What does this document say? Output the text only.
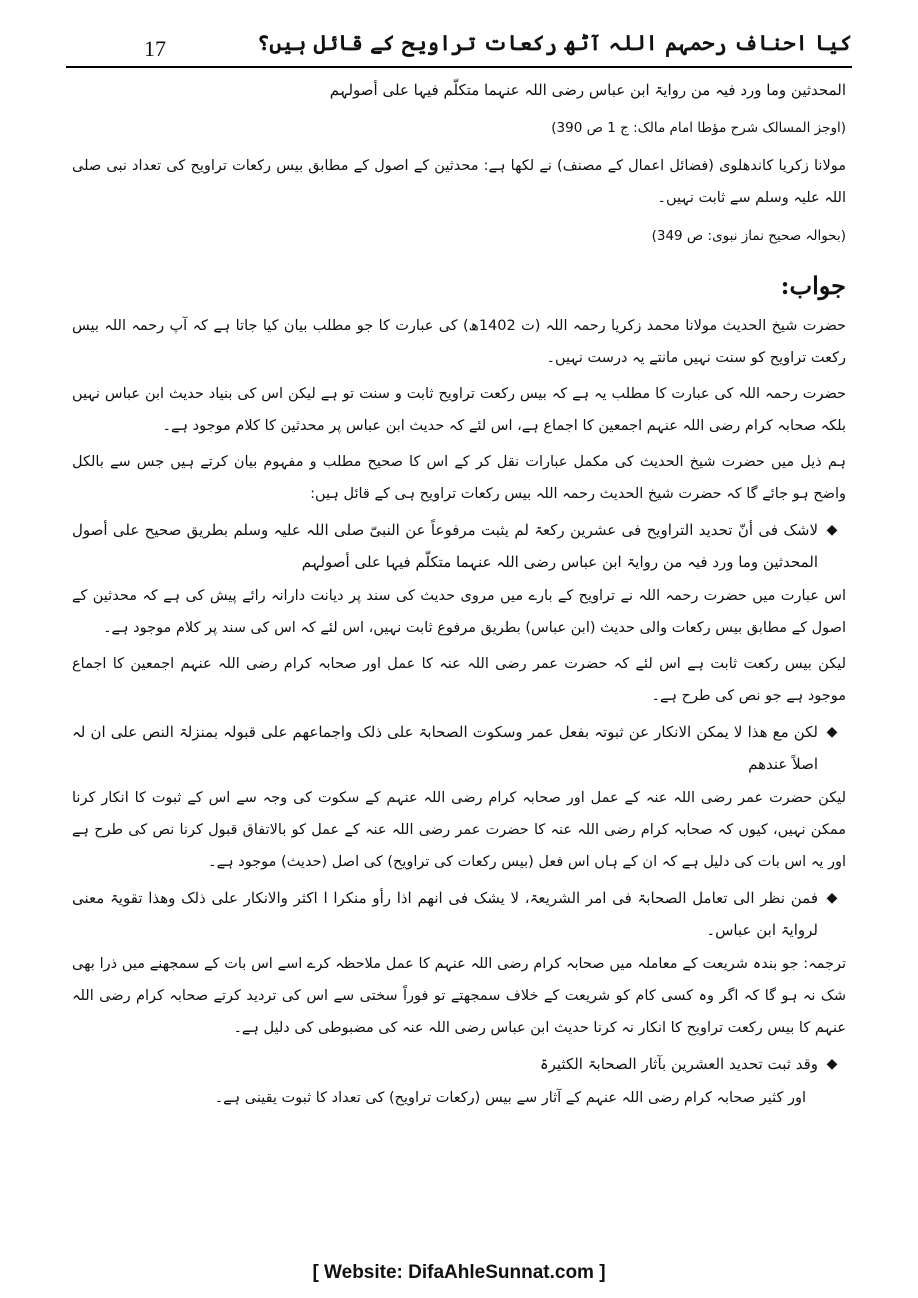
کیا احناف رحمہم اللہ آٹھ رکعات تراویح کے قائل ہیں؟
17

المحدثین وما ورد فیہ من روایۃ ابن عباس رضی اللہ عنہما متکلّم فیہا علی أصولہم

(اوجز المسالک شرح مؤطا امام مالک: ج 1 ص 390)

مولانا زکریا کاندھلوی (فضائل اعمال کے مصنف) نے لکھا ہے: محدثین کے اصول کے مطابق بیس رکعات تراویح کی تعداد نبی صلی اللہ علیہ وسلم سے ثابت نہیں۔

(بحوالہ صحیح نماز نبوی: ص 349)

جواب:

حضرت شیخ الحدیث مولانا محمد زکریا رحمہ اللہ (ت 1402ھ) کی عبارت کا جو مطلب بیان کیا جاتا ہے کہ آپ رحمہ اللہ بیس رکعت تراویح کو سنت نہیں مانتے یہ درست نہیں۔

حضرت رحمہ اللہ کی عبارت کا مطلب یہ ہے کہ بیس رکعت تراویح ثابت و سنت تو ہے لیکن اس کی بنیاد حدیث ابن عباس نہیں بلکہ صحابہ کرام رضی اللہ عنہم اجمعین کا اجماع ہے، اس لئے کہ حدیث ابن عباس پر محدثین کا کلام موجود ہے۔

ہم ذیل میں حضرت شیخ الحدیث کی مکمل عبارات نقل کر کے اس کا صحیح مطلب و مفہوم بیان کرتے ہیں جس سے بالکل واضح ہو جائے گا کہ حضرت شیخ الحدیث رحمہ اللہ بیس رکعات تراویح ہی کے قائل ہیں:

◆
لاشک فی أنّ تحدید التراویح فی عشرین رکعۃ لم یثبت مرفوعاً عن النبیّ صلی اللہ علیہ وسلم بطریق صحیح علی أصول المحدثین وما ورد فیہ من روایۃ ابن عباس رضی اللہ عنہما متکلّم فیہا علی أصولہم

اس عبارت میں حضرت رحمہ اللہ نے تراویح کے بارے میں مروی حدیث کی سند پر دیانت دارانہ رائے پیش کی ہے کہ محدثین کے اصول کے مطابق بیس رکعات والی حدیث (ابن عباس) بطریق مرفوع ثابت نہیں، اس لئے کہ اس کی سند پر کلام موجود ہے۔

لیکن بیس رکعت ثابت ہے اس لئے کہ حضرت عمر رضی اللہ عنہ کا عمل اور صحابہ کرام رضی اللہ عنہم اجمعین کا اجماع موجود ہے جو نص کی طرح ہے۔

◆
لکن مع ھذا لا یمکن الانکار عن ثبوتہ بفعل عمر وسکوت الصحابۃ علی ذلک واجماعھم علی قبولہ بمنزلۃ النص علی ان لہ اصلاً عندھم

لیکن حضرت عمر رضی اللہ عنہ کے عمل اور صحابہ کرام رضی اللہ عنہم کے سکوت کی وجہ سے اس کے ثبوت کا انکار کرنا ممکن نہیں، کیوں کہ صحابہ کرام رضی اللہ عنہ کا حضرت عمر رضی اللہ عنہ کے عمل کو بالاتفاق قبول کرنا نص کی طرح ہے اور یہ اس بات کی دلیل ہے کہ ان کے ہاں اس فعل (بیس رکعات کی تراویح) کی اصل (حدیث) موجود ہے۔

◆
فمن نظر الی تعامل الصحابۃ فی امر الشریعۃ، لا یشک فی انھم اذا رأو منکرا ا اکثر والانکار علی ذلک وھذا تقویۃ معنی لروایۃ ابن عباس۔

ترجمہ: جو بندہ شریعت کے معاملہ میں صحابہ کرام رضی اللہ عنہم کا عمل ملاحظہ کرے اسے اس بات کے سمجھنے میں ذرا بھی شک نہ ہو گا کہ اگر وہ کسی کام کو شریعت کے خلاف سمجھتے تو فوراً سختی سے اس کی تردید کرتے صحابہ کرام رضی اللہ عنہم کا بیس رکعت تراویح کا انکار نہ کرنا حدیث ابن عباس رضی اللہ عنہ کی مضبوطی کی دلیل ہے۔

◆
وقد ثبت تحدید العشرین بآثار الصحابۃ الکثیرۃ

اور کثیر صحابہ کرام رضی اللہ عنہم کے آثار سے بیس (رکعات تراویح) کی تعداد کا ثبوت یقینی ہے۔

[ Website: DifaAhleSunnat.com ]
